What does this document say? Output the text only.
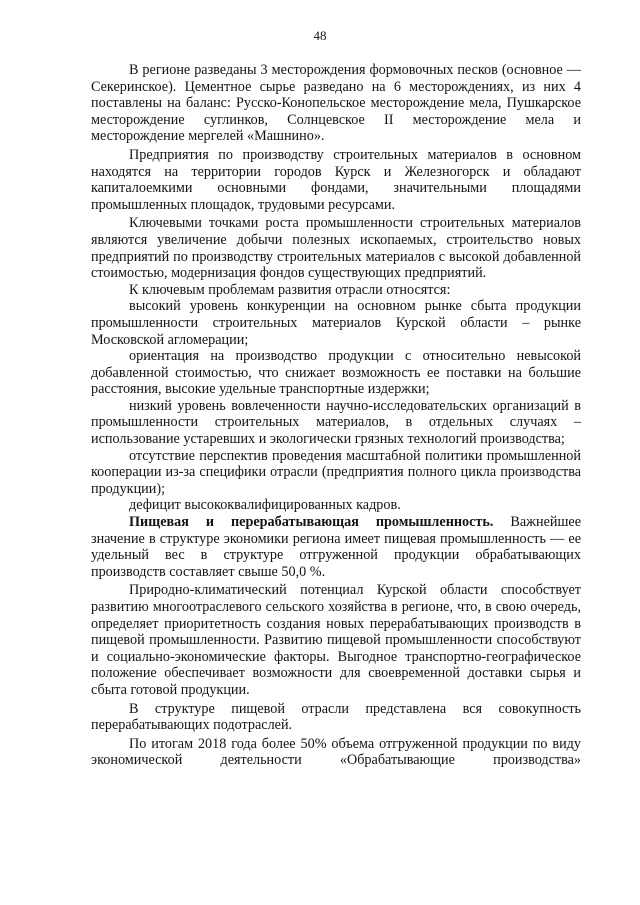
48

В регионе разведаны 3 месторождения формовочных песков (основное — Секеринское). Цементное сырье разведано на 6 месторождениях, из них 4 поставлены на баланс: Русско-Конопельское месторождение мела, Пушкарское месторождение суглинков, Солнцевское II месторождение мела и месторождение мергелей «Машнино».

Предприятия по производству строительных материалов в основном находятся на территории городов Курск и Железногорск и обладают капиталоемкими основными фондами, значительными площадями промышленных площадок, трудовыми ресурсами.

Ключевыми точками роста промышленности строительных материалов являются увеличение добычи полезных ископаемых, строительство новых предприятий по производству строительных материалов с высокой добавленной стоимостью, модернизация фондов существующих предприятий.

К ключевым проблемам развития отрасли относятся:

высокий уровень конкуренции на основном рынке сбыта продукции промышленности строительных материалов Курской области – рынке Московской агломерации;

ориентация на производство продукции с относительно невысокой добавленной стоимостью, что снижает возможность ее поставки на большие расстояния, высокие удельные транспортные издержки;

низкий уровень вовлеченности научно-исследовательских организаций в промышленности строительных материалов, в отдельных случаях – использование устаревших и экологически грязных технологий производства;

отсутствие перспектив проведения масштабной политики промышленной кооперации из-за специфики отрасли (предприятия полного цикла производства продукции);

дефицит высококвалифицированных кадров.

Пищевая и перерабатывающая промышленность. Важнейшее значение в структуре экономики региона имеет пищевая промышленность — ее удельный вес в структуре отгруженной продукции обрабатывающих производств составляет свыше 50,0 %.

Природно-климатический потенциал Курской области способствует развитию многоотраслевого сельского хозяйства в регионе, что, в свою очередь, определяет приоритетность создания новых перерабатывающих производств в пищевой промышленности. Развитию пищевой промышленности способствуют и социально-экономические факторы. Выгодное транспортно-географическое положение обеспечивает возможности для своевременной доставки сырья и сбыта готовой продукции.

В структуре пищевой отрасли представлена вся совокупность перерабатывающих подотраслей.

По итогам 2018 года более 50% объема отгруженной продукции по виду экономической деятельности «Обрабатывающие производства»
